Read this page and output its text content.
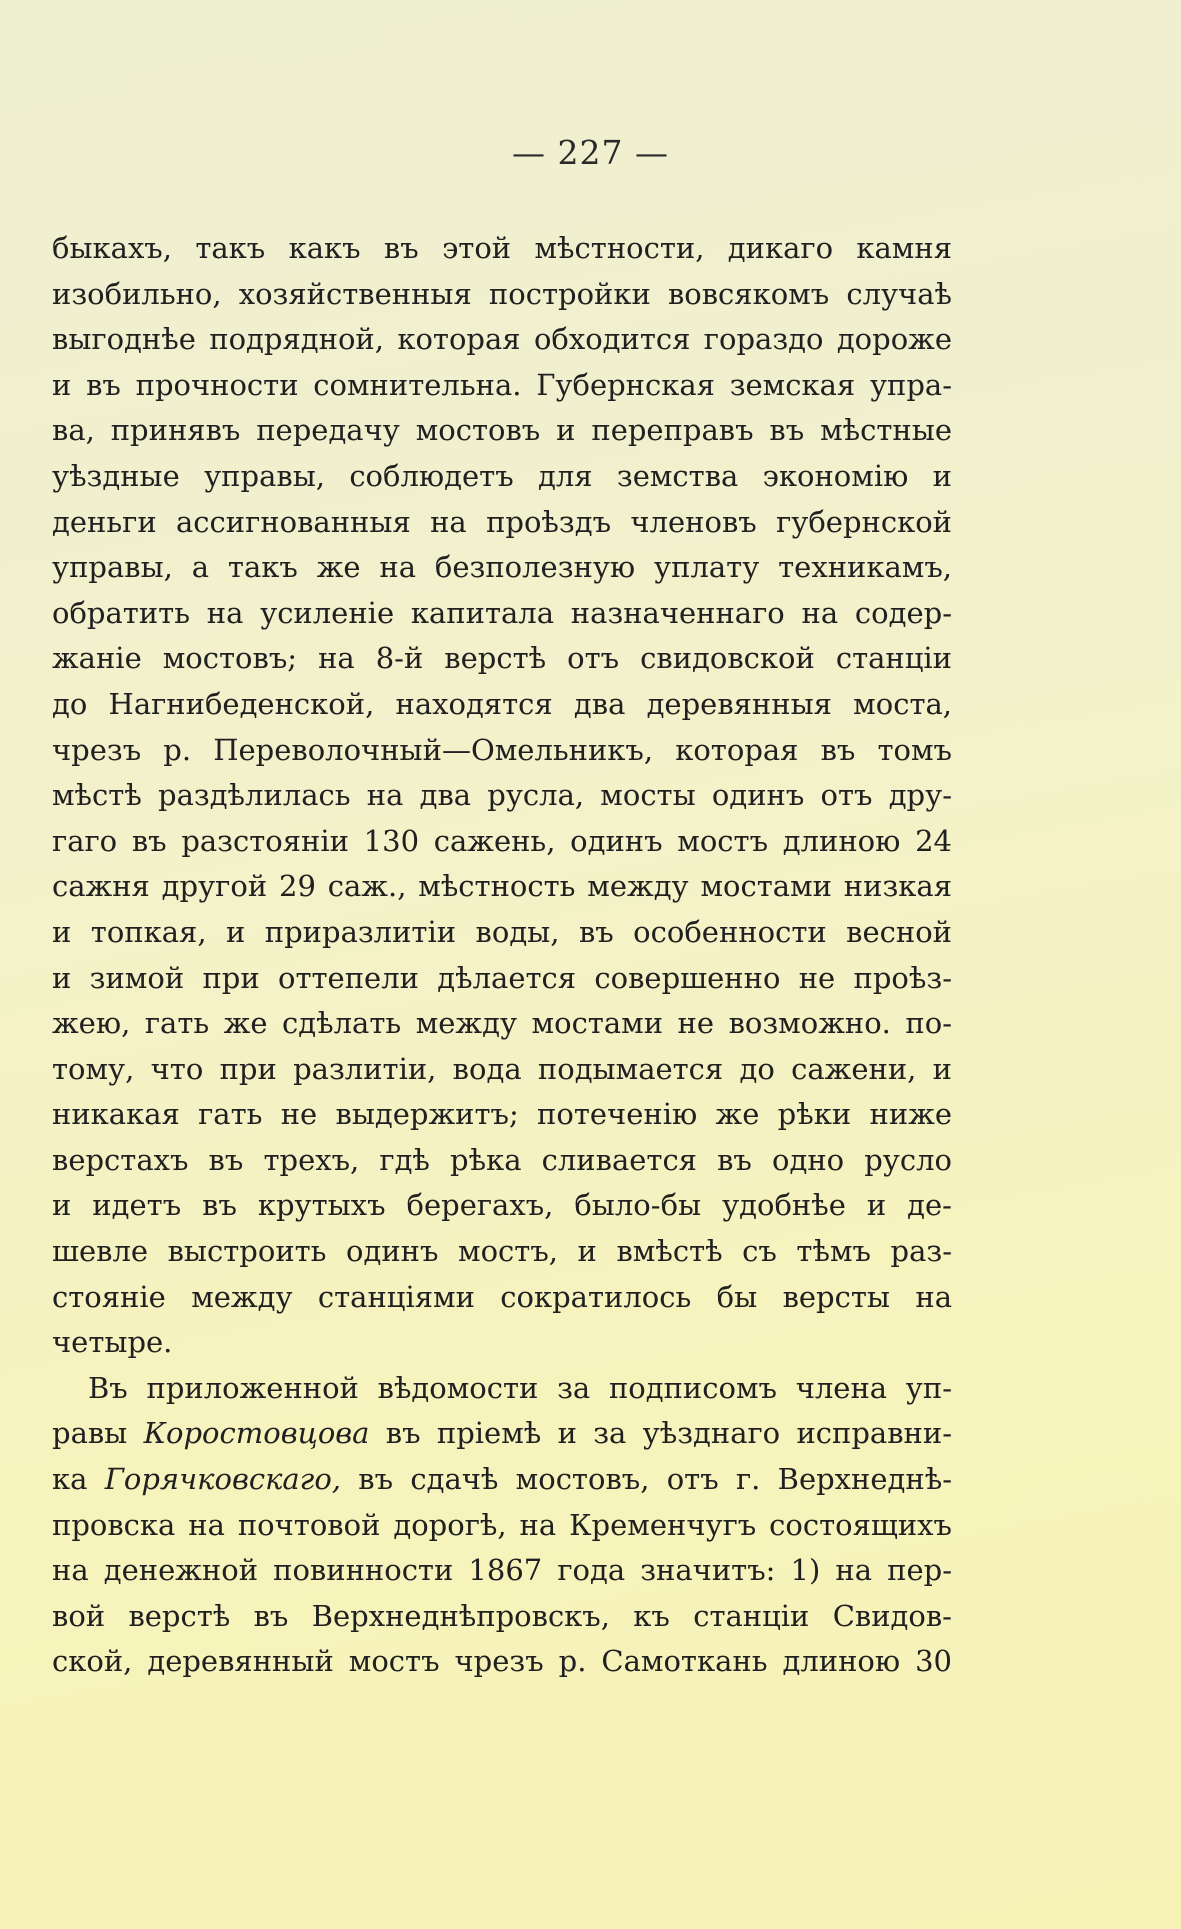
— 227 —
быкахъ, такъ какъ въ этой мѣстности, дикаго камня
изобильно, хозяйственныя постройки вовсякомъ случаѣ
выгоднѣе подрядной, которая обходится гораздо дороже
и въ прочности сомнительна. Губернская земская упра-
ва, принявъ передачу мостовъ и переправъ въ мѣстные
уѣздные управы, соблюдетъ для земства экономію и
деньги ассигнованныя на проѣздъ членовъ губернской
управы, а такъ же на безполезную уплату техникамъ,
обратить на усиленіе капитала назначеннаго на содер-
жаніе мостовъ; на 8-й верстѣ отъ свидовской станціи
до Нагнибеденской, находятся два деревянныя моста,
чрезъ р. Переволочный—Омельникъ, которая въ томъ
мѣстѣ раздѣлилась на два русла, мосты одинъ отъ дру-
гаго въ разстояніи 130 сажень, одинъ мостъ длиною 24
сажня другой 29 саж., мѣстность между мостами низкая
и топкая, и приразлитіи воды, въ особенности весной
и зимой при оттепели дѣлается совершенно не проѣз-
жею, гать же сдѣлать между мостами не возможно. по-
тому, что при разлитіи, вода подымается до сажени, и
никакая гать не выдержитъ; потеченію же рѣки ниже
верстахъ въ трехъ, гдѣ рѣка сливается въ одно русло
и идетъ въ крутыхъ берегахъ, было-бы удобнѣе и де-
шевле выстроить одинъ мостъ, и вмѣстѣ съ тѣмъ раз-
стояніе между станціями сократилось бы версты на
четыре.
Въ приложенной вѣдомости за подписомъ члена уп-
равы Коростовцова въ пріемѣ и за уѣзднаго исправни-
ка Горячковскаго, въ сдачѣ мостовъ, отъ г. Верхнеднѣ-
провска на почтовой дорогѣ, на Кременчугъ состоящихъ
на денежной повинности 1867 года значитъ: 1) на пер-
вой верстѣ въ Верхнеднѣпровскъ, къ станціи Свидов-
ской, деревянный мостъ чрезъ р. Самоткань длиною 30
